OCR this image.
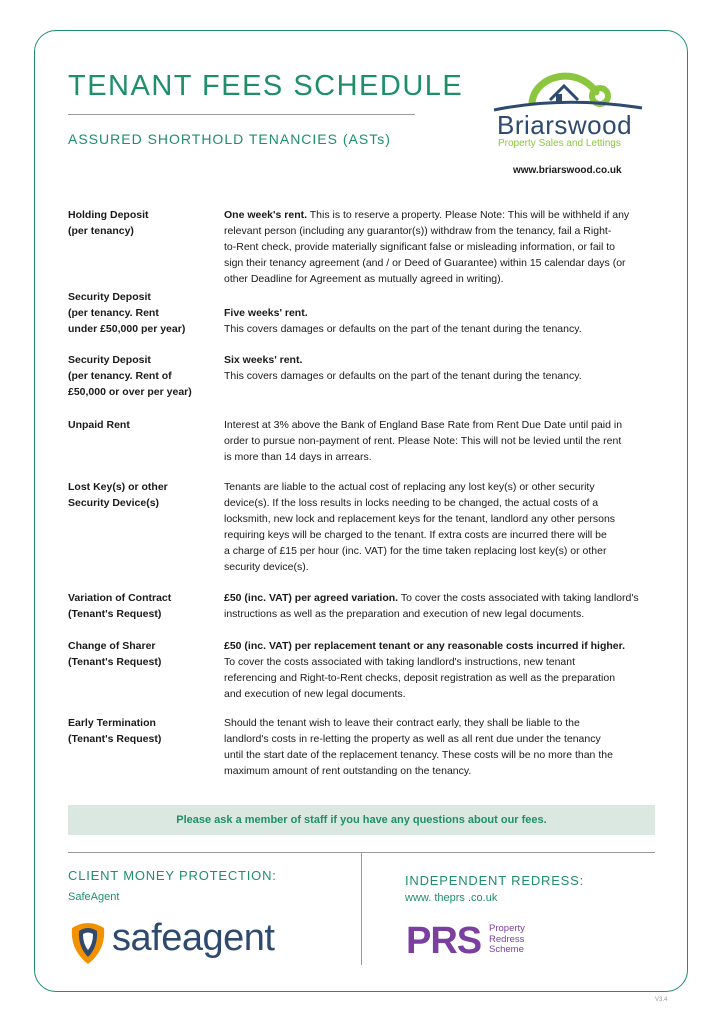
TENANT FEES SCHEDULE
ASSURED SHORTHOLD TENANCIES (ASTs)	Briarswood
Property Sales and Lettings
www.briarswood.co.uk
Holding Deposit
(per tenancy)
One week's rent. This is to reserve a property. Please Note: This will be withheld if any
relevant person (including any guarantor(s)) withdraw from the tenancy, fail a Right-
to-Rent check, provide materially significant false or misleading information, or fail to
sign their tenancy agreement (and / or Deed of Guarantee) within 15 calendar days (or
other Deadline for Agreement as mutually agreed in writing).
Security Deposit
(per tenancy. Rent
under £50,000 per year)
Five weeks' rent.
This covers damages or defaults on the part of the tenant during the tenancy.
Security Deposit
(per tenancy. Rent of
£50,000 or over per year)
Six weeks' rent.
This covers damages or defaults on the part of the tenant during the tenancy.
Unpaid Rent	Interest at 3% above the Bank of England Base Rate from Rent Due Date until paid in
order to pursue non-payment of rent. Please Note: This will not be levied until the rent
is more than 14 days in arrears.
Lost Key(s) or other
Security Device(s)
Tenants are liable to the actual cost of replacing any lost key(s) or other security
device(s). If the loss results in locks needing to be changed, the actual costs of a
locksmith, new lock and replacement keys for the tenant, landlord any other persons
requiring keys will be charged to the tenant. If extra costs are incurred there will be
a charge of £15 per hour (inc. VAT) for the time taken replacing lost key(s) or other
security device(s).
Variation of Contract
(Tenant's Request)
£50 (inc. VAT) per agreed variation. To cover the costs associated with taking landlord's
instructions as well as the preparation and execution of new legal documents.
Change of Sharer
(Tenant's Request)
£50 (inc. VAT) per replacement tenant or any reasonable costs incurred if higher.
To cover the costs associated with taking landlord's instructions, new tenant
referencing and Right-to-Rent checks, deposit registration as well as the preparation
and execution of new legal documents.
Early Termination
(Tenant's Request)
Should the tenant wish to leave their contract early, they shall be liable to the
landlord's costs in re-letting the property as well as all rent due under the tenancy
until the start date of the replacement tenancy. These costs will be no more than the
maximum amount of rent outstanding on the tenancy.
Please ask a member of staff if you have any questions about our fees.
CLIENT MONEY PROTECTION:
SafeAgent
safeagent
INDEPENDENT REDRESS:
www. theprs .co.uk
PRS Property
Redress
Scheme
V3.4
